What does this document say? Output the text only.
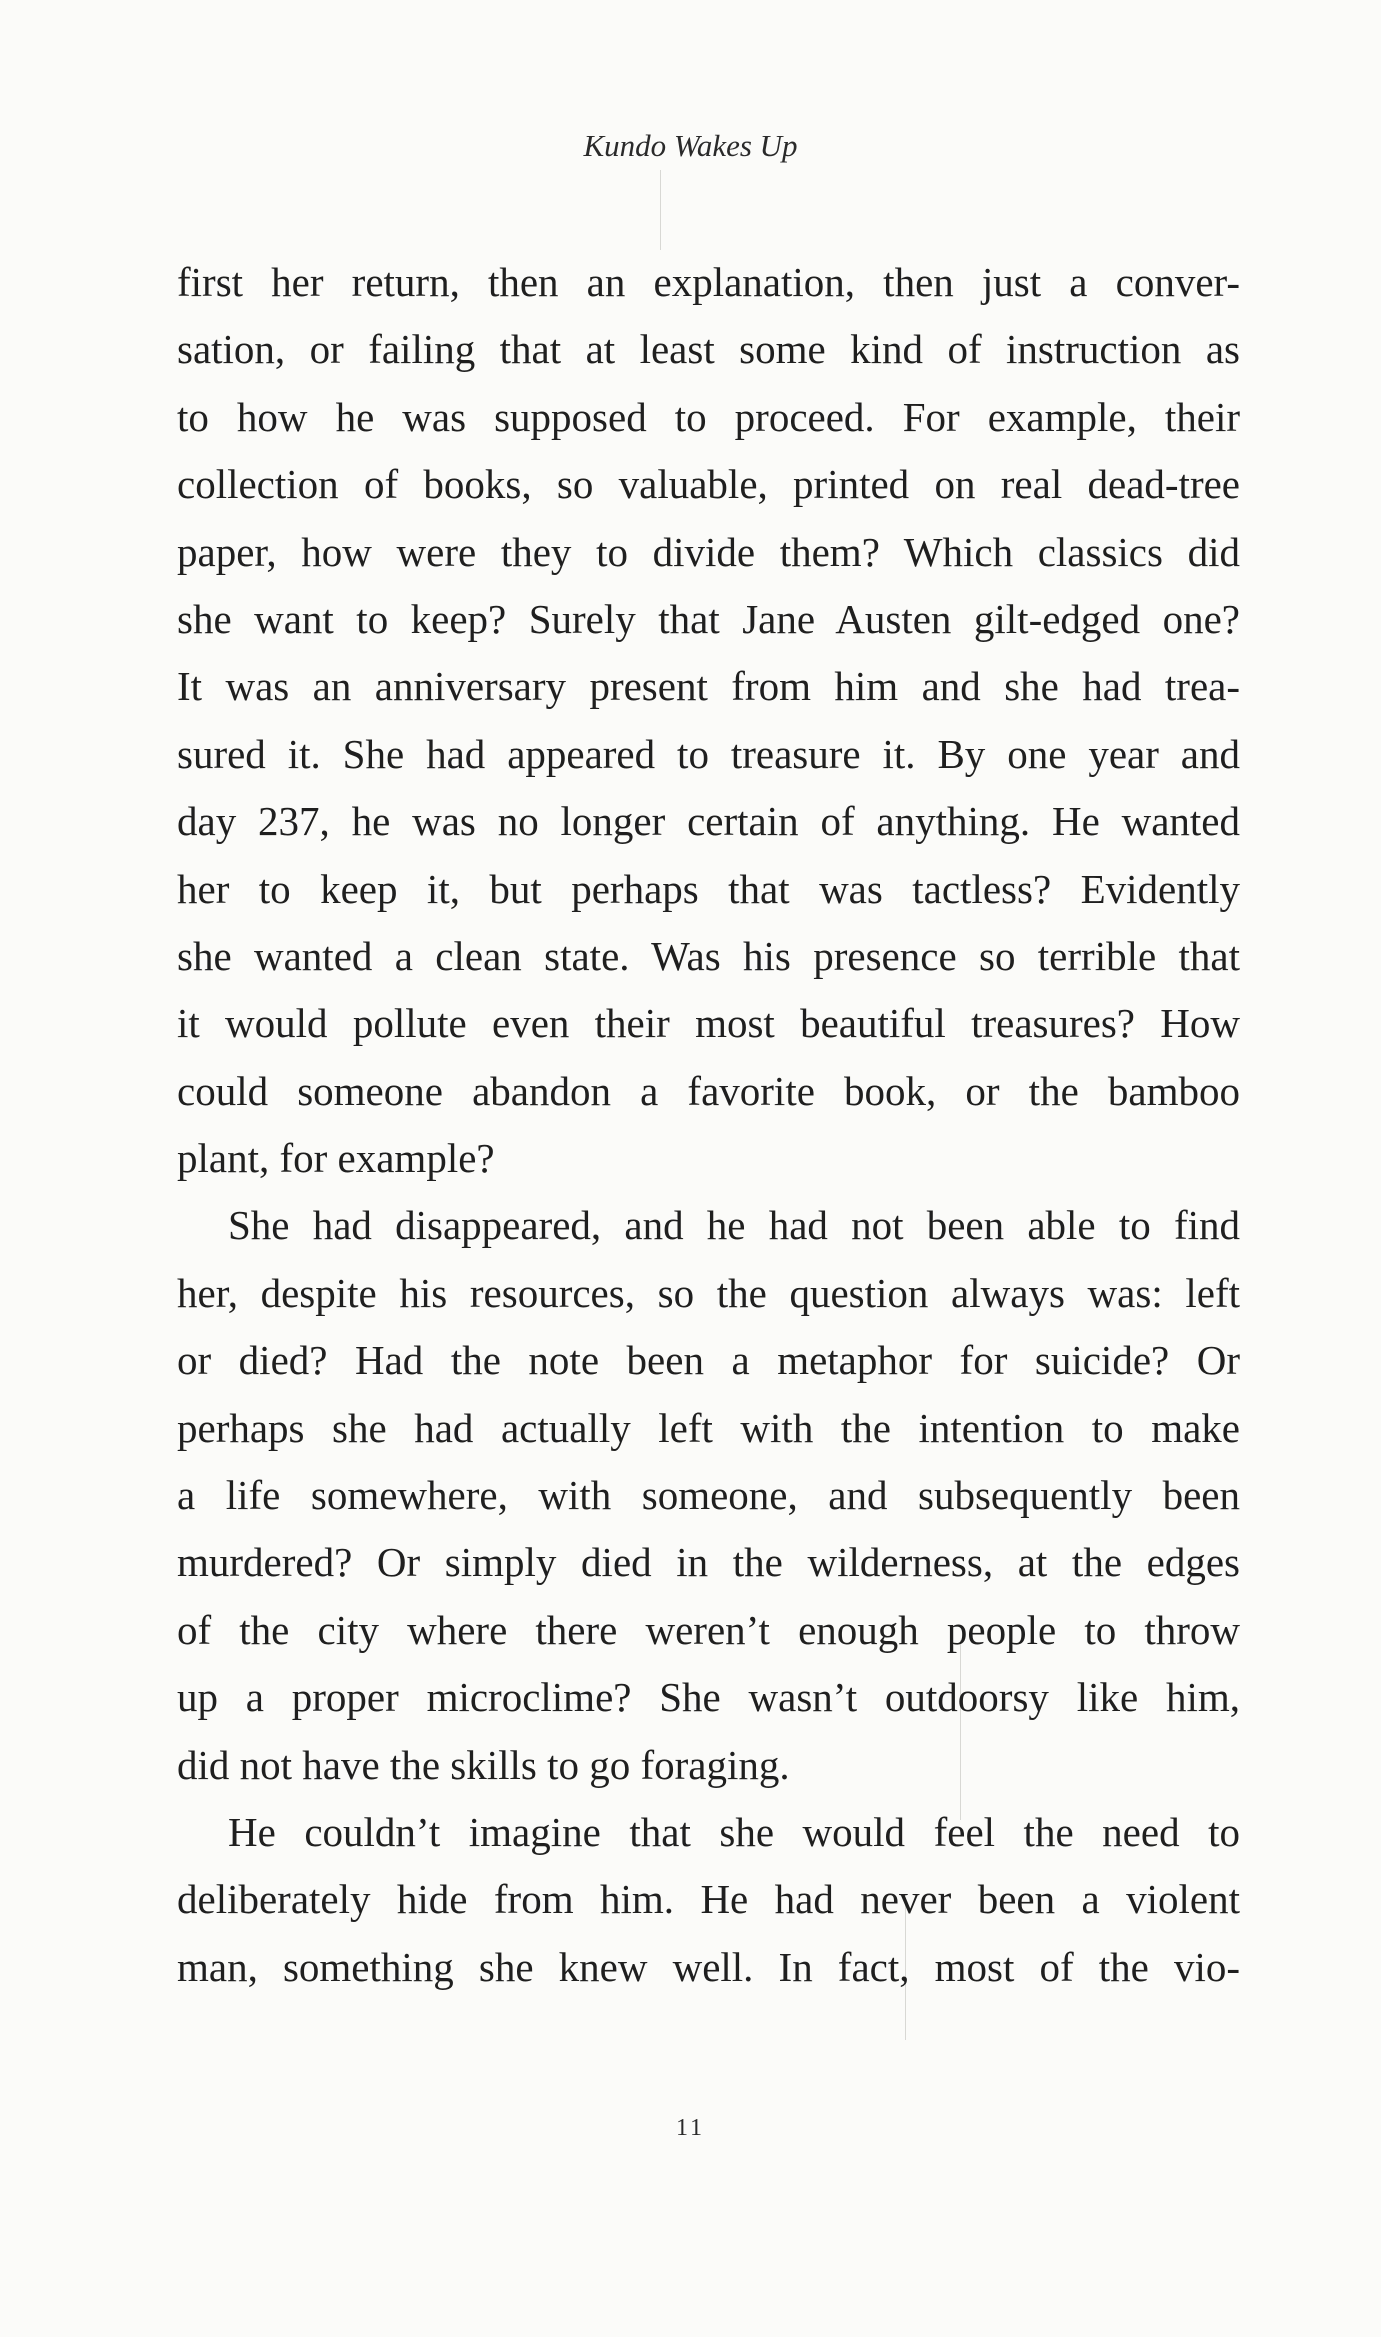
Kundo Wakes Up

first her return, then an explanation, then just a conver-
sation, or failing that at least some kind of instruction as
to how he was supposed to proceed. For example, their
collection of books, so valuable, printed on real dead-tree
paper, how were they to divide them? Which classics did
she want to keep? Surely that Jane Austen gilt-edged one?
It was an anniversary present from him and she had trea-
sured it. She had appeared to treasure it. By one year and
day 237, he was no longer certain of anything. He wanted
her to keep it, but perhaps that was tactless? Evidently
she wanted a clean state. Was his presence so terrible that
it would pollute even their most beautiful treasures? How
could someone abandon a favorite book, or the bamboo
plant, for example?
She had disappeared, and he had not been able to find
her, despite his resources, so the question always was: left
or died? Had the note been a metaphor for suicide? Or
perhaps she had actually left with the intention to make
a life somewhere, with someone, and subsequently been
murdered? Or simply died in the wilderness, at the edges
of the city where there weren’t enough people to throw
up a proper microclime? She wasn’t outdoorsy like him,
did not have the skills to go foraging.
He couldn’t imagine that she would feel the need to
deliberately hide from him. He had never been a violent
man, something she knew well. In fact, most of the vio-

11
